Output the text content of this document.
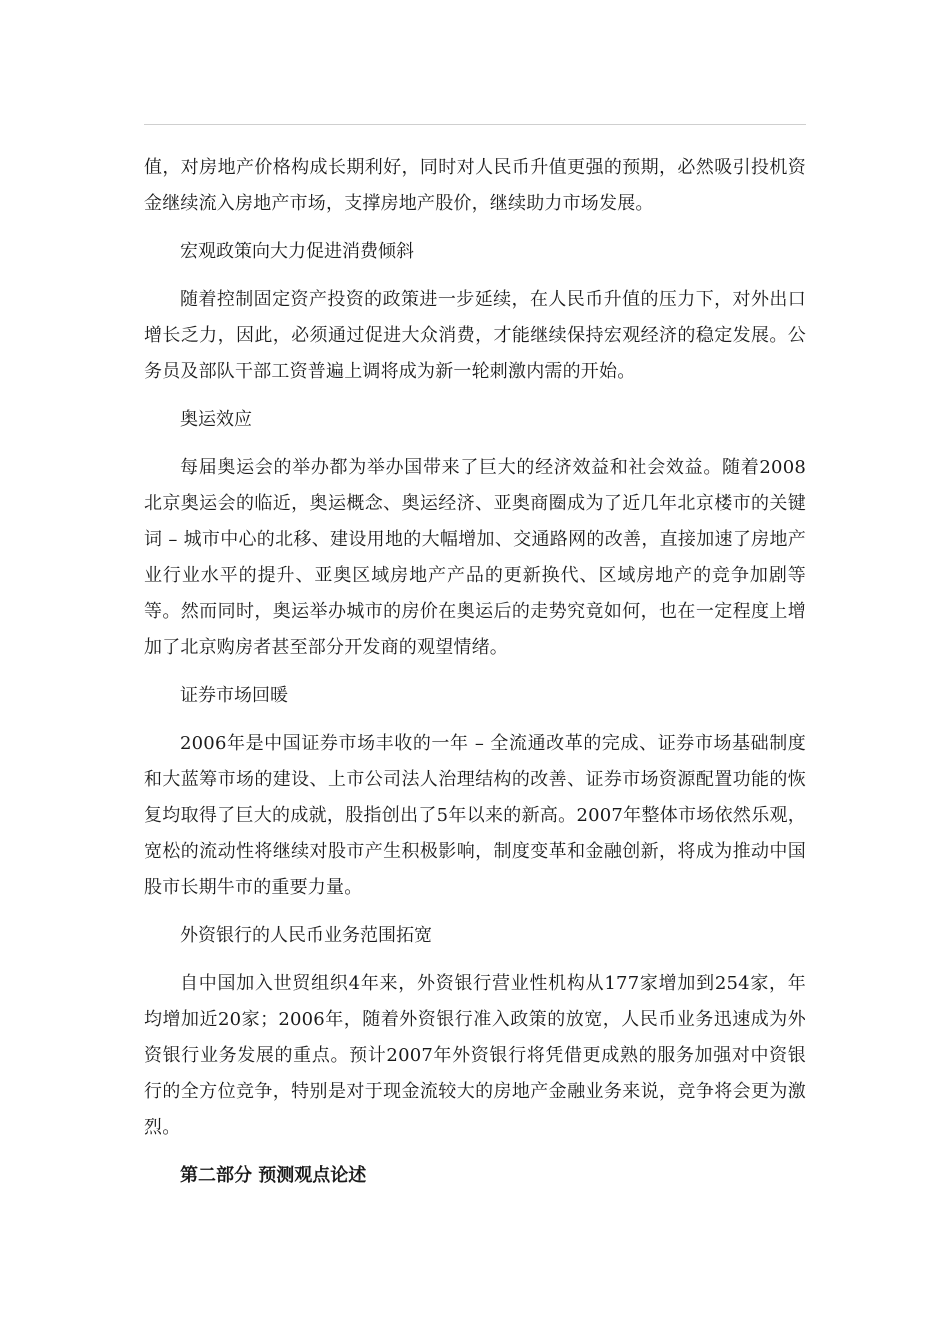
值，对房地产价格构成长期利好，同时对人民币升值更强的预期，必然吸引投机资金继续流入房地产市场，支撑房地产股价，继续助力市场发展。

宏观政策向大力促进消费倾斜

随着控制固定资产投资的政策进一步延续，在人民币升值的压力下，对外出口增长乏力，因此，必须通过促进大众消费，才能继续保持宏观经济的稳定发展。公务员及部队干部工资普遍上调将成为新一轮刺激内需的开始。

奥运效应

每届奥运会的举办都为举办国带来了巨大的经济效益和社会效益。随着2008北京奥运会的临近，奥运概念、奥运经济、亚奥商圈成为了近几年北京楼市的关键词 – 城市中心的北移、建设用地的大幅增加、交通路网的改善，直接加速了房地产业行业水平的提升、亚奥区域房地产产品的更新换代、区域房地产的竞争加剧等等。然而同时，奥运举办城市的房价在奥运后的走势究竟如何，也在一定程度上增加了北京购房者甚至部分开发商的观望情绪。

证券市场回暖

2006年是中国证券市场丰收的一年 – 全流通改革的完成、证券市场基础制度和大蓝筹市场的建设、上市公司法人治理结构的改善、证券市场资源配置功能的恢复均取得了巨大的成就，股指创出了5年以来的新高。2007年整体市场依然乐观，宽松的流动性将继续对股市产生积极影响，制度变革和金融创新，将成为推动中国股市长期牛市的重要力量。

外资银行的人民币业务范围拓宽

自中国加入世贸组织4年来，外资银行营业性机构从177家增加到254家，年均增加近20家；2006年，随着外资银行准入政策的放宽，人民币业务迅速成为外资银行业务发展的重点。预计2007年外资银行将凭借更成熟的服务加强对中资银行的全方位竞争，特别是对于现金流较大的房地产金融业务来说，竞争将会更为激烈。

第二部分 预测观点论述
